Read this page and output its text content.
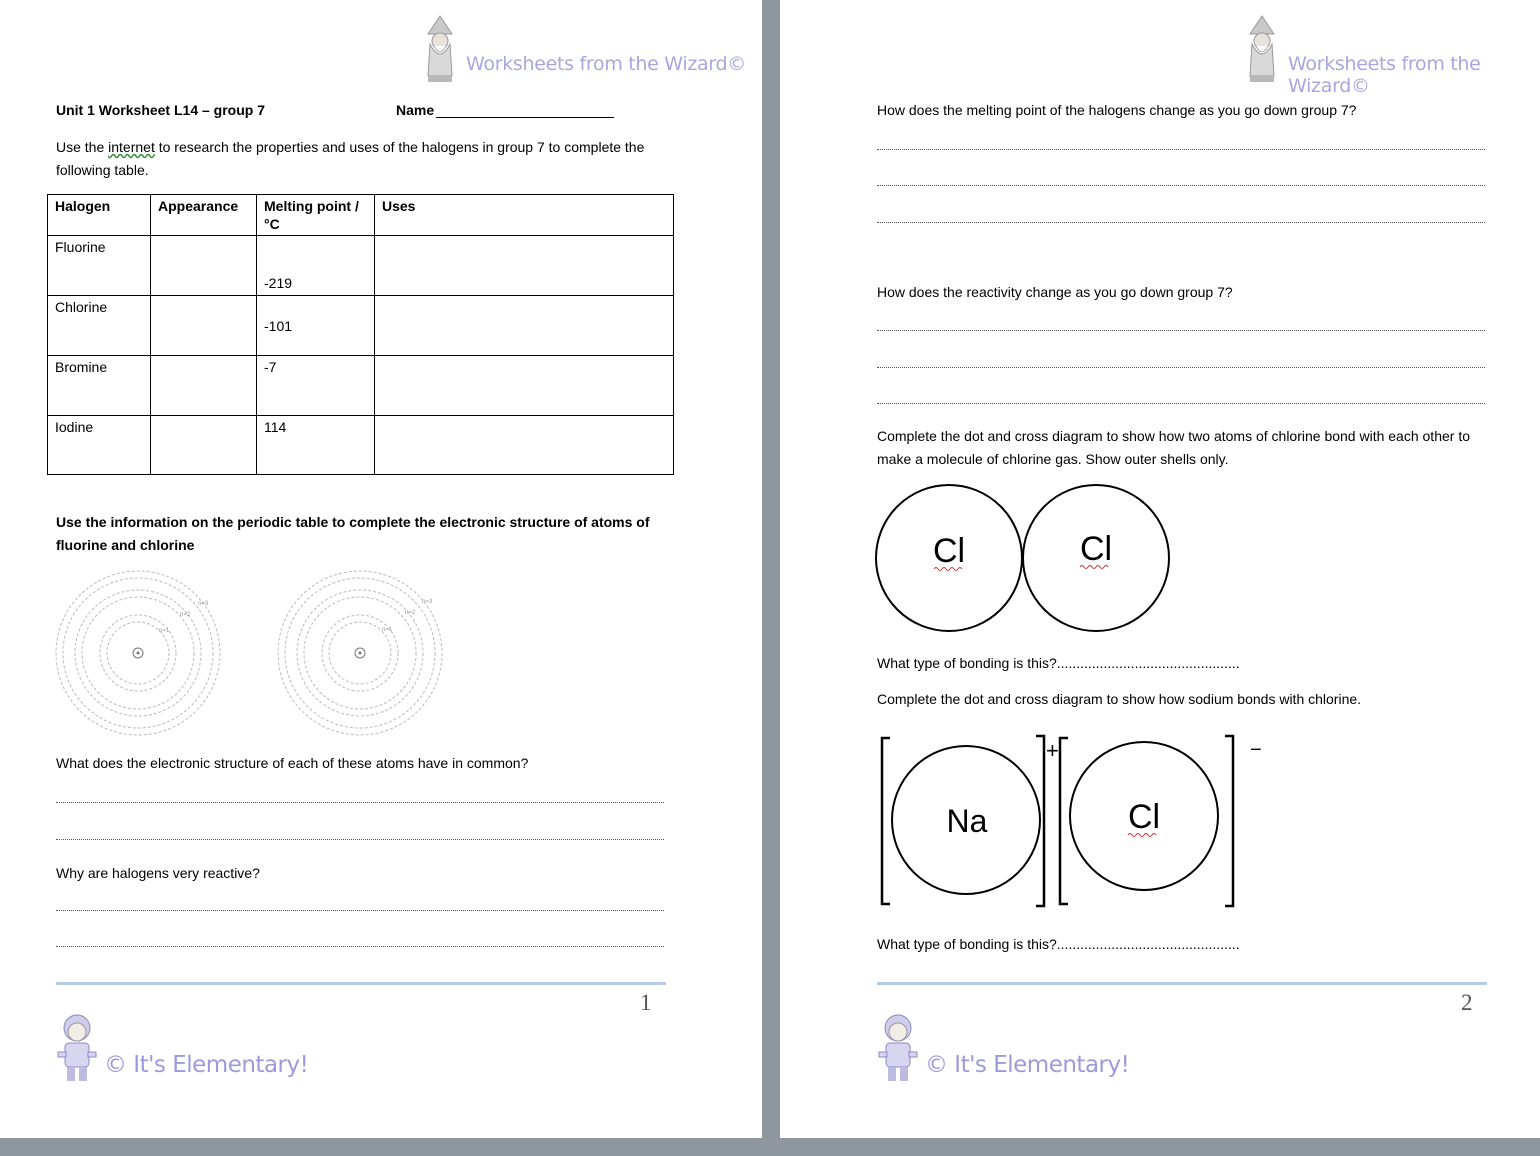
Worksheets from the Wizard©
Unit 1 Worksheet L14 – group 7	Name
Use the internet to research the properties and uses of the halogens in group 7 to complete the following table.
Halogen	Appearance	Melting point /°C	Uses
Fluorine		-219	

Chlorine		-101	

Bromine		-7	
Iodine		114	
Use the information on the periodic table to complete the electronic structure of atoms of fluorine and chlorine
n=3
n=2
n=1
n=3
n=2
n=1
What does the electronic structure of each of these atoms have in common?
Why are halogens very reactive?
1
© It's Elementary!
Worksheets from the Wizard©
How does the melting point of the halogens change as you go down group 7?
How does the reactivity change as you go down group 7?
Complete the dot and cross diagram to show how two atoms of chlorine bond with each other to make a molecule of chlorine gas. Show outer shells only.
Cl	Cl
What type of bonding is this?...............................................
Complete the dot and cross diagram to show how sodium bonds with chlorine.
Na
+
Cl
−
What type of bonding is this?...............................................
2
© It's Elementary!
